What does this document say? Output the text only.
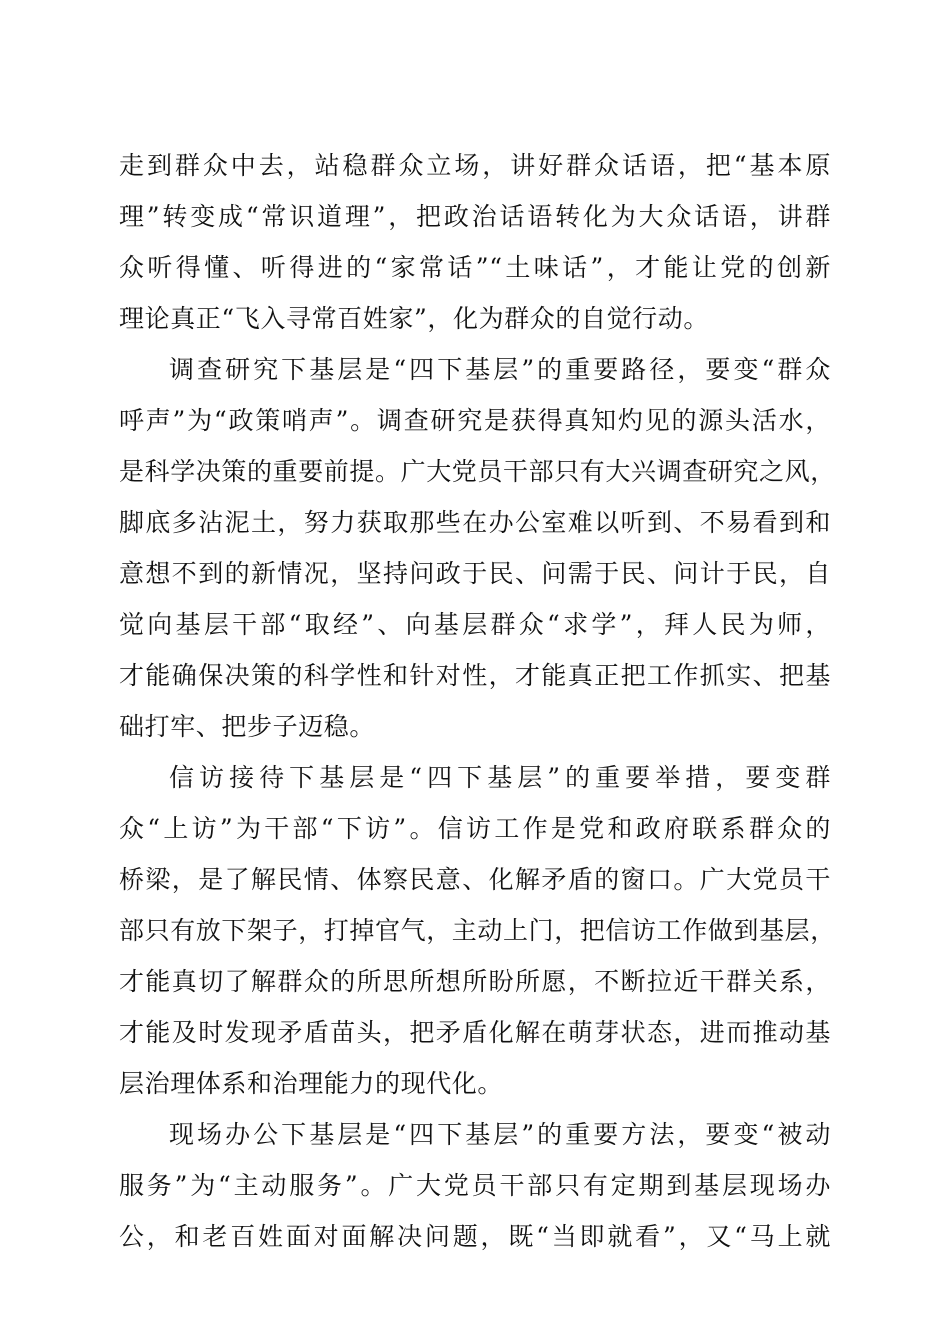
走到群众中去，站稳群众立场，讲好群众话语，把“基本原
理”转变成“常识道理”，把政治话语转化为大众话语，讲群
众听得懂、听得进的“家常话”“土味话”，才能让党的创新
理论真正“飞入寻常百姓家”，化为群众的自觉行动。
调查研究下基层是“四下基层”的重要路径，要变“群众
呼声”为“政策哨声”。调查研究是获得真知灼见的源头活水，
是科学决策的重要前提。广大党员干部只有大兴调查研究之风，
脚底多沾泥土，努力获取那些在办公室难以听到、不易看到和
意想不到的新情况，坚持问政于民、问需于民、问计于民，自
觉向基层干部“取经”、向基层群众“求学”，拜人民为师，
才能确保决策的科学性和针对性，才能真正把工作抓实、把基
础打牢、把步子迈稳。
信访接待下基层是“四下基层”的重要举措，要变群
众“上访”为干部“下访”。信访工作是党和政府联系群众的
桥梁，是了解民情、体察民意、化解矛盾的窗口。广大党员干
部只有放下架子，打掉官气，主动上门，把信访工作做到基层，
才能真切了解群众的所思所想所盼所愿，不断拉近干群关系，
才能及时发现矛盾苗头，把矛盾化解在萌芽状态，进而推动基
层治理体系和治理能力的现代化。
现场办公下基层是“四下基层”的重要方法，要变“被动
服务”为“主动服务”。广大党员干部只有定期到基层现场办
公，和老百姓面对面解决问题，既“当即就看”，又“马上就
